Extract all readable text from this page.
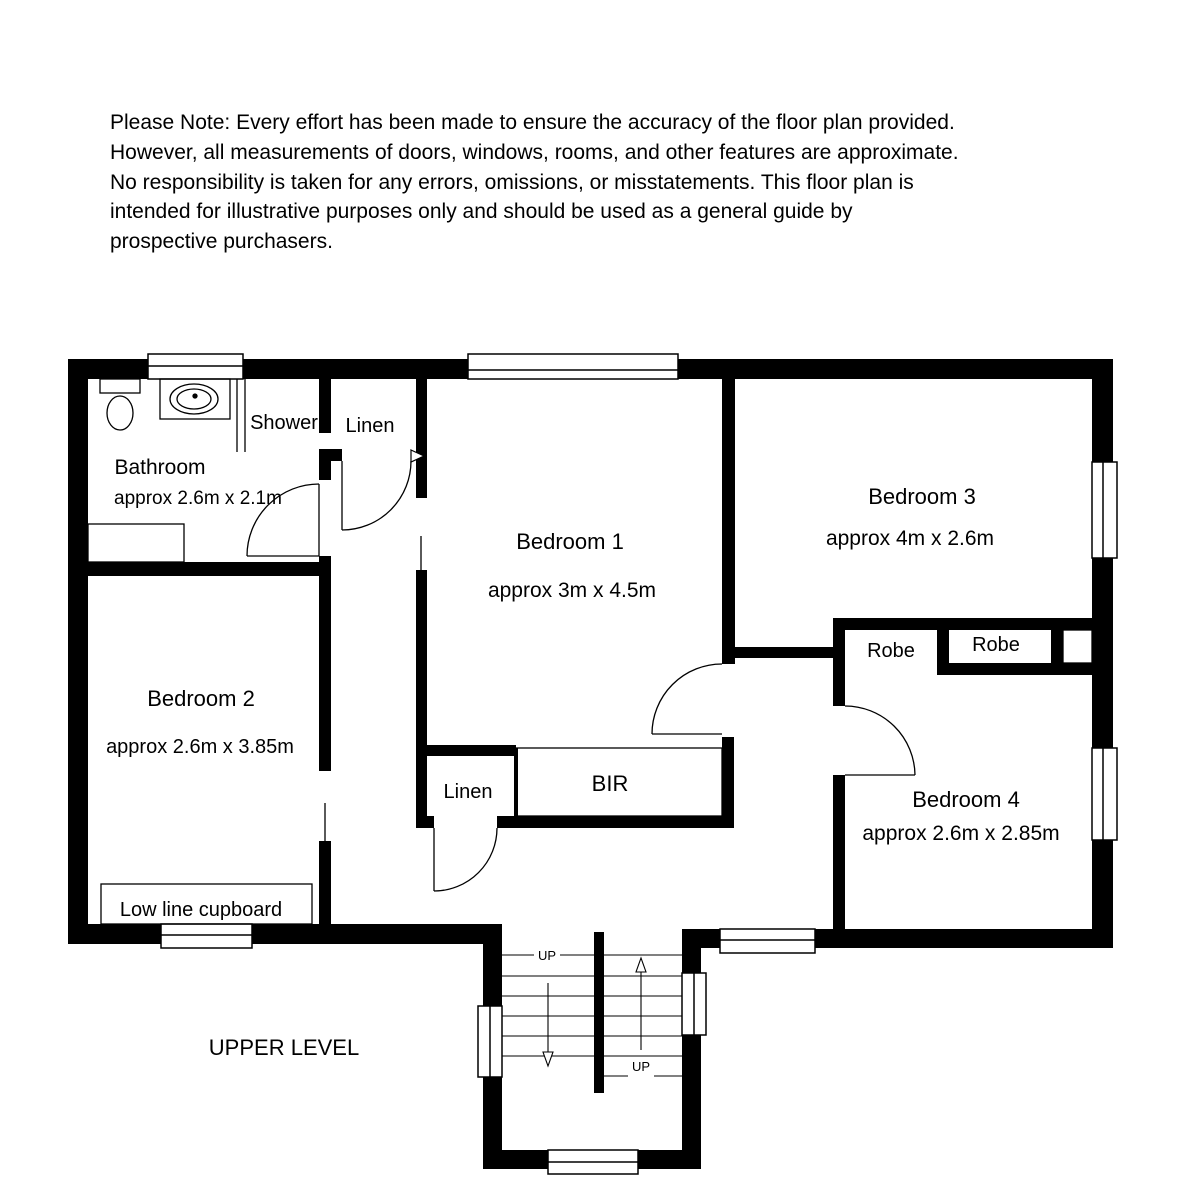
Please Note: Every effort has been made to ensure the accuracy of the floor plan provided.
However, all measurements of doors, windows, rooms, and other features are approximate.
No responsibility is taken for any errors, omissions, or misstatements. This floor plan is
intended for illustrative purposes only and should be used as a general guide by
prospective purchasers.
UP
UP
Bathroom
approx 2.6m x 2.1m
Shower Linen
Bedroom 1
approx 3m x 4.5m
Bedroom 3
approx 4m x 2.6m
Robe	Robe
Bedroom 2
approx 2.6m x 3.85m
Linen	BIR
Bedroom 4
approx 2.6m x 2.85m
Low line cupboard
UPPER LEVEL
